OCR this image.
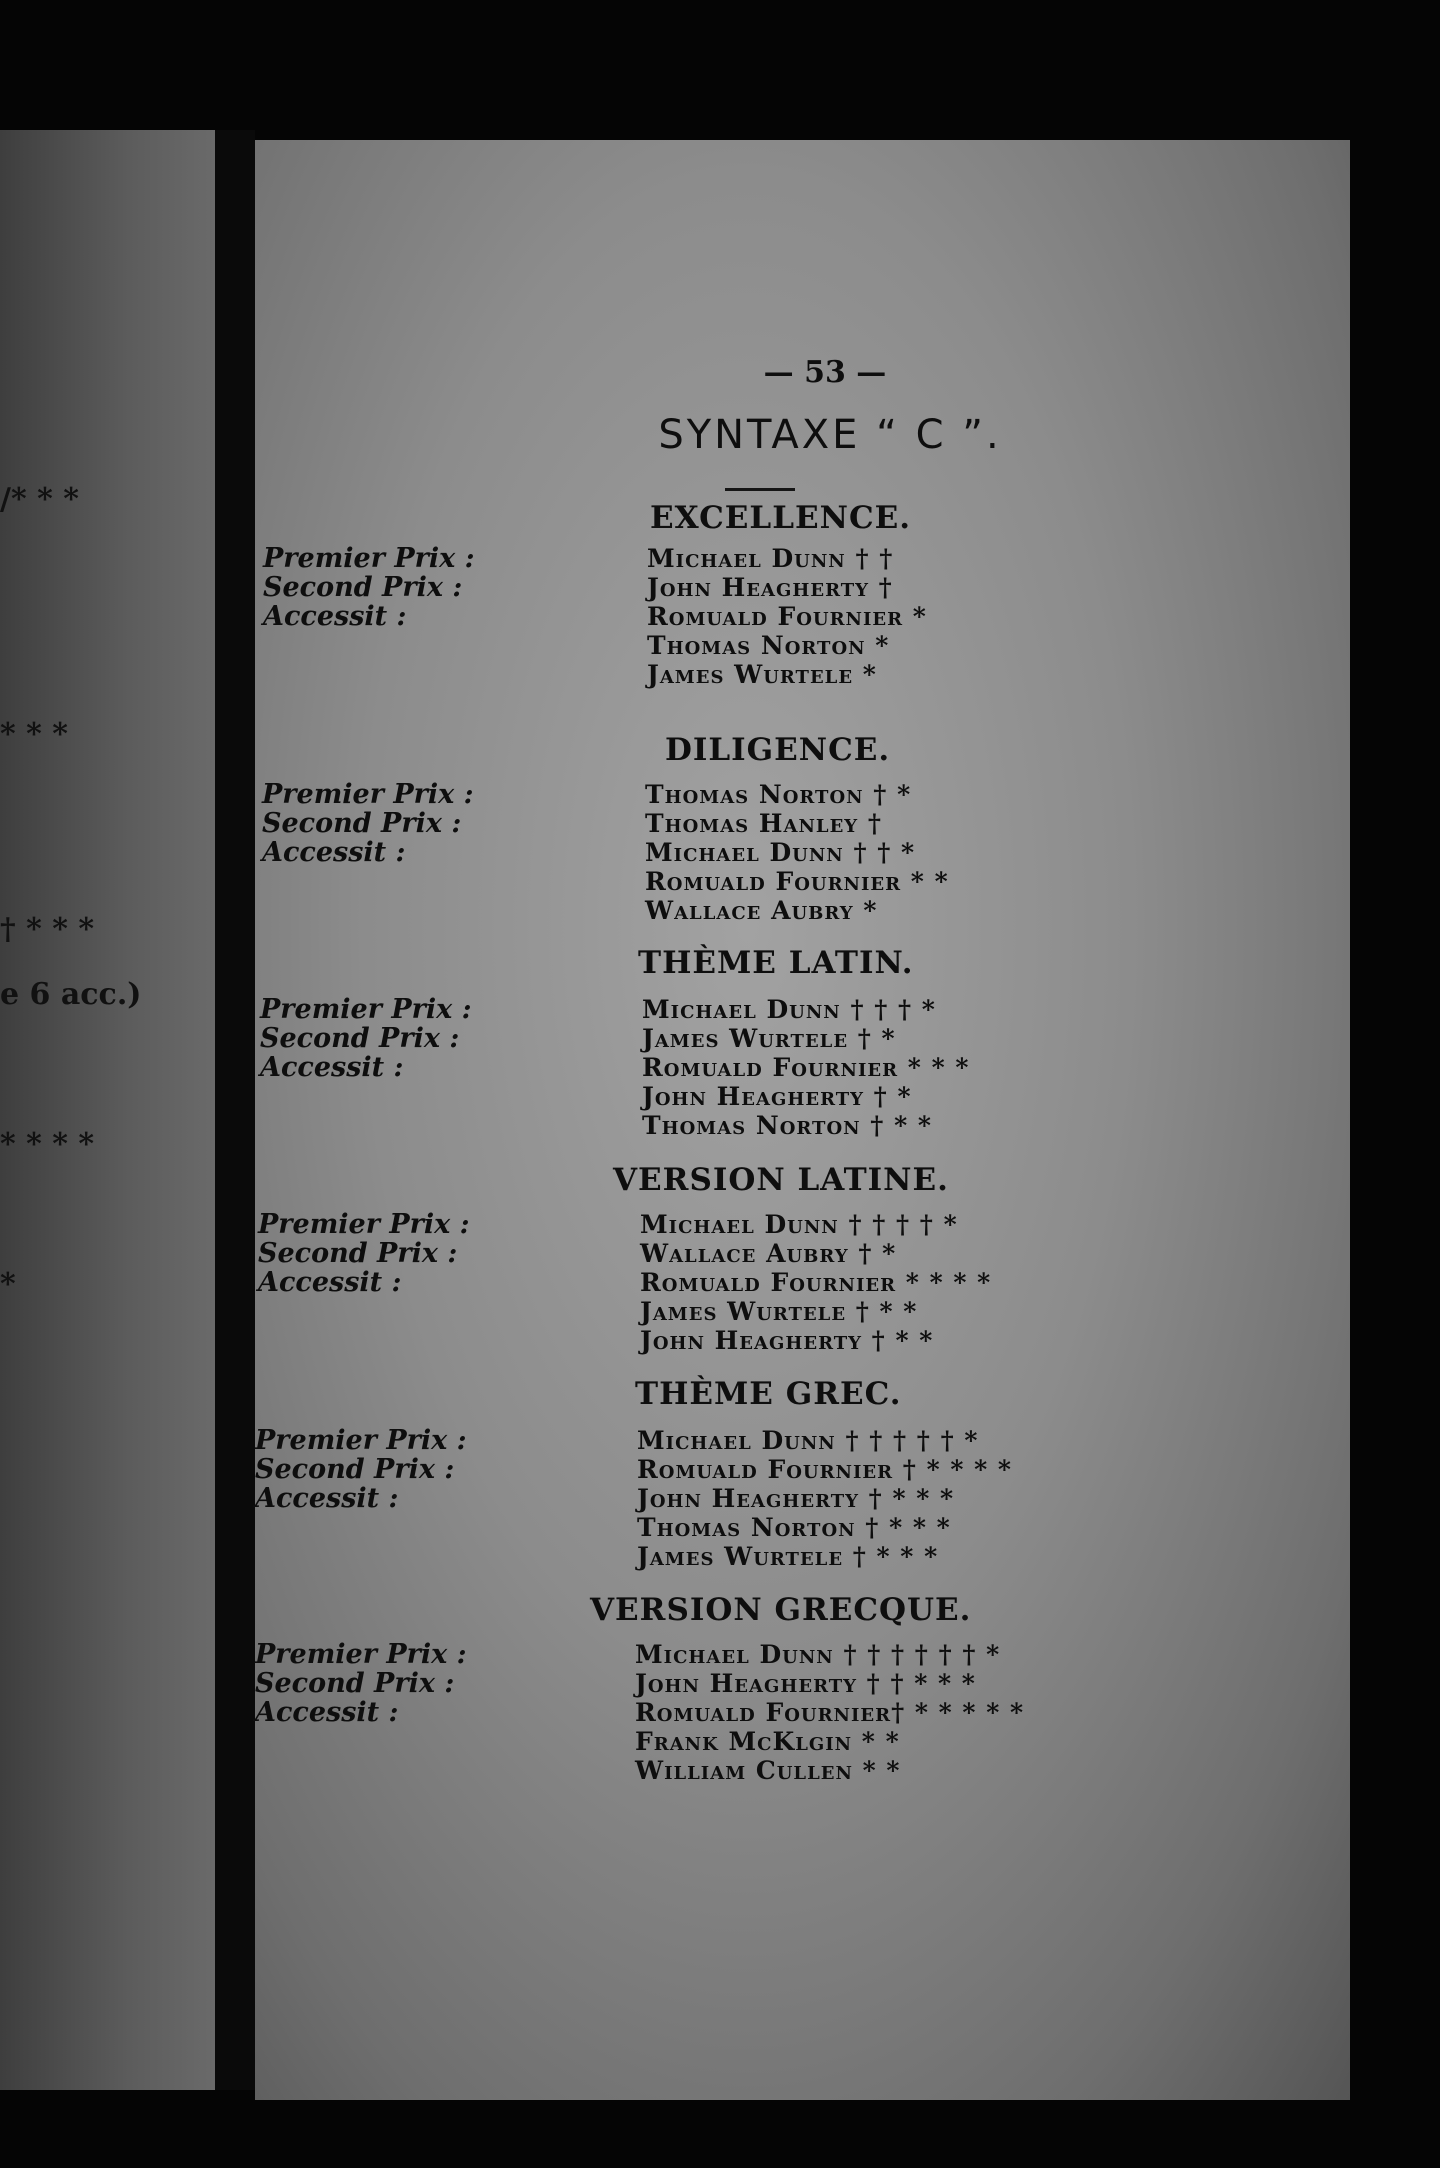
/* * *
* * *
† * * *
e 6 acc.)
* * * *
*
— 53 —
SYNTAXE “ C ”.
EXCELLENCE.
Premier Prix :
Second Prix :
Accessit :
Michael Dunn † †
John Heagherty †
Romuald Fournier *
Thomas Norton *
James Wurtele *
DILIGENCE.
Premier Prix :
Second Prix :
Accessit :
Thomas Norton † *
Thomas Hanley †
Michael Dunn † † *
Romuald Fournier * *
Wallace Aubry *
THÈME LATIN.
Premier Prix :
Second Prix :
Accessit :
Michael Dunn † † † *
James Wurtele † *
Romuald Fournier * * *
John Heagherty † *
Thomas Norton † * *
VERSION LATINE.
Premier Prix :
Second Prix :
Accessit :
Michael Dunn † † † † *
Wallace Aubry † *
Romuald Fournier * * * *
James Wurtele † * *
John Heagherty † * *
THÈME GREC.
Premier Prix :
Second Prix :
Accessit :
Michael Dunn † † † † † *
Romuald Fournier † * * * *
John Heagherty † * * *
Thomas Norton † * * *
James Wurtele † * * *
VERSION GRECQUE.
Premier Prix :
Second Prix :
Accessit :
Michael Dunn † † † † † † *
John Heagherty † † * * *
Romuald Fournier† * * * * *
Frank McKlgin * *
William Cullen * *
